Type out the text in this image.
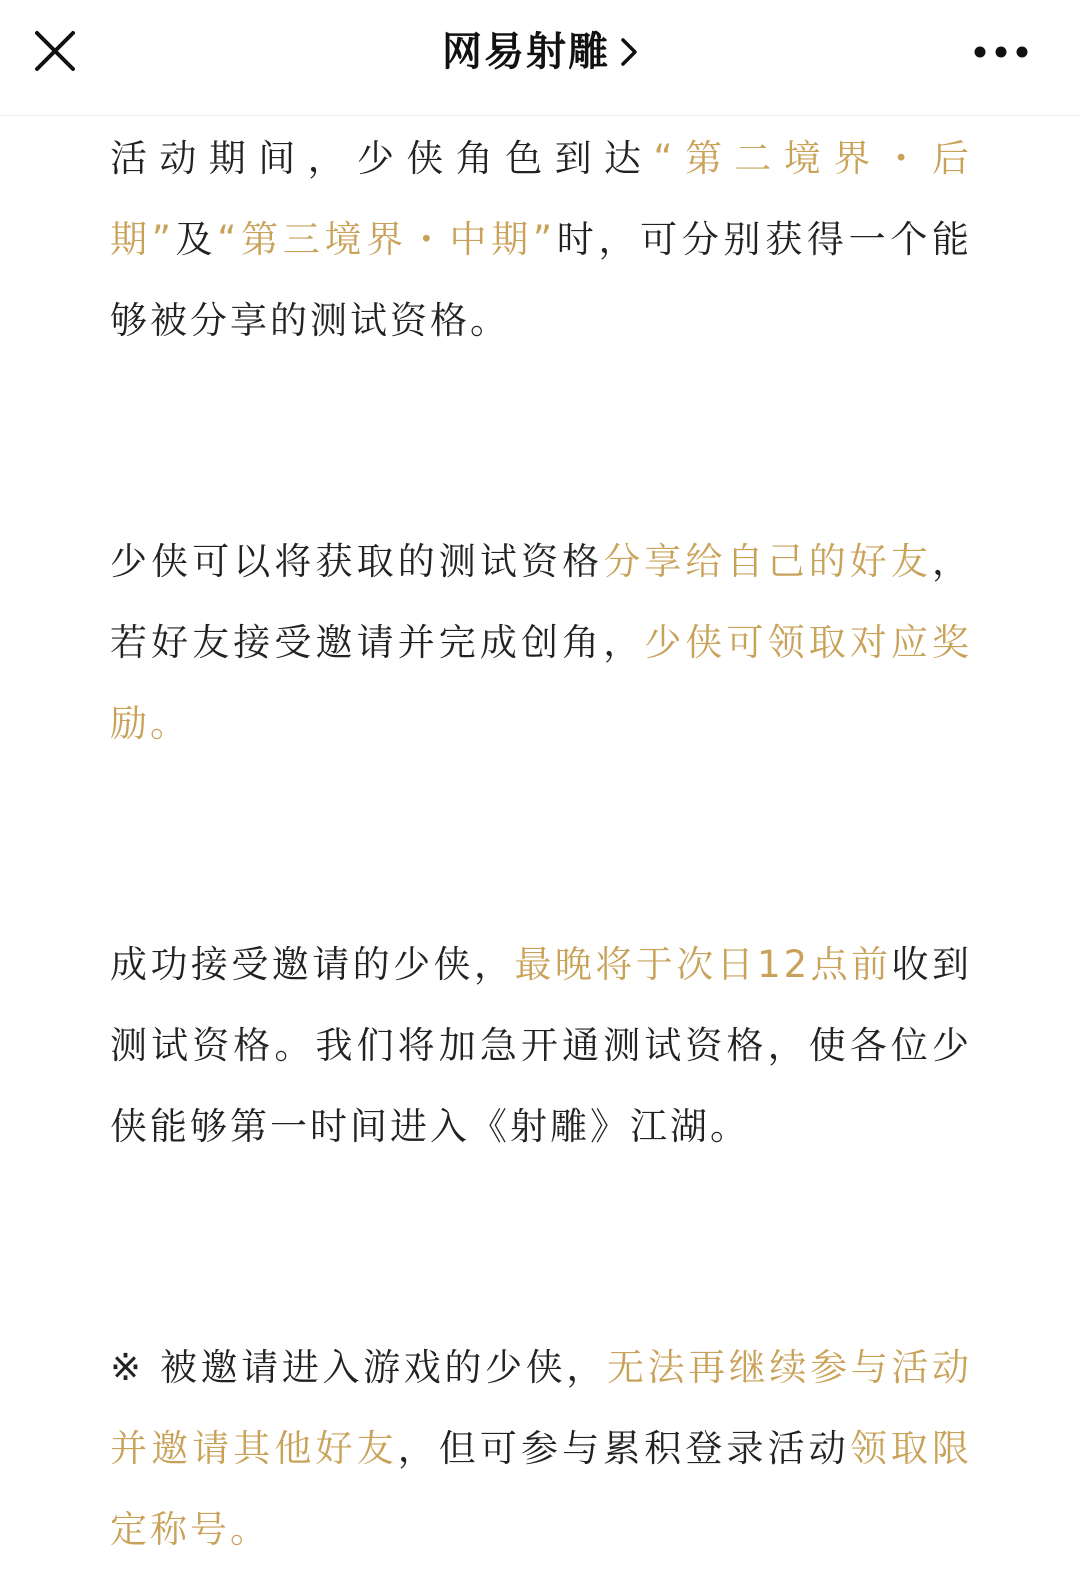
网易射雕

活动期间，少侠角色到达“第二境界・后期”及“第三境界・中期”时，可分别获得一个能够被分享的测试资格。

少侠可以将获取的测试资格分享给自己的好友，若好友接受邀请并完成创角，少侠可领取对应奖励。

成功接受邀请的少侠，最晚将于次日12点前收到测试资格。我们将加急开通测试资格，使各位少侠能够第一时间进入《射雕》江湖。

※ 被邀请进入游戏的少侠，无法再继续参与活动并邀请其他好友，但可参与累积登录活动领取限定称号。
